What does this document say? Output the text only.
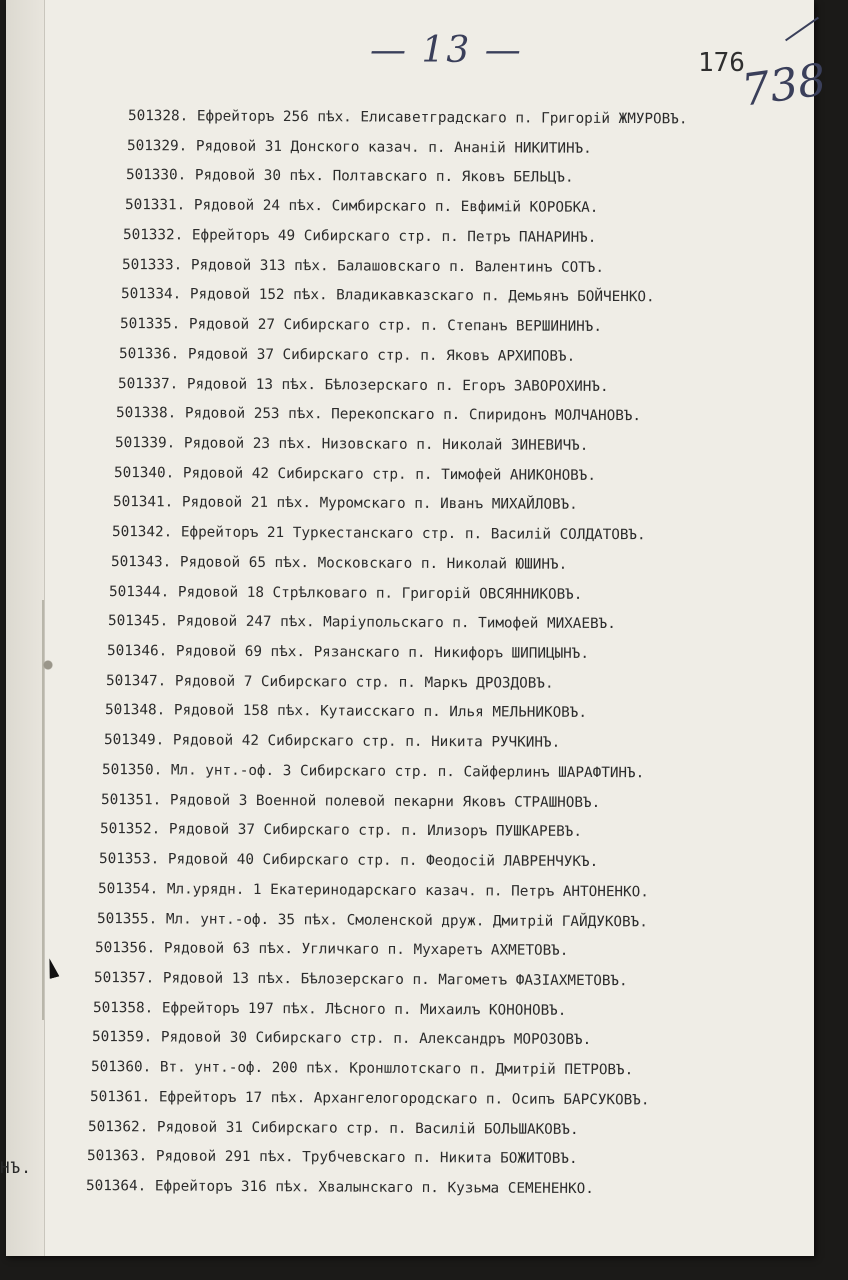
НЪ.
— 13 —	176
738
501328. Ефрейторъ 256 пѣх. Елисаветградскаго п. Григорій ЖМУРОВЪ.
501329. Рядовой 31 Донского казач. п. Ананій НИКИТИНЪ.
501330. Рядовой 30 пѣх. Полтавскаго п. Яковъ БЕЛЬЦЪ.
501331. Рядовой 24 пѣх. Симбирскаго п. Евфимій КОРОБКА.
501332. Ефрейторъ 49 Сибирскаго стр. п. Петръ ПАНАРИНЪ.
501333. Рядовой 313 пѣх. Балашовскаго п. Валентинъ СОТЪ.
501334. Рядовой 152 пѣх. Владикавказскаго п. Демьянъ БОЙЧЕНКО.
501335. Рядовой 27 Сибирскаго стр. п. Степанъ ВЕРШИНИНЪ.
501336. Рядовой 37 Сибирскаго стр. п. Яковъ АРХИПОВЪ.
501337. Рядовой 13 пѣх. Бѣлозерскаго п. Егоръ ЗАВОРОХИНЪ.
501338. Рядовой 253 пѣх. Перекопскаго п. Спиридонъ МОЛЧАНОВЪ.
501339. Рядовой 23 пѣх. Низовскаго п. Николай ЗИНЕВИЧЪ.
501340. Рядовой 42 Сибирскаго стр. п. Тимофей АНИКОНОВЪ.
501341. Рядовой 21 пѣх. Муромскаго п. Иванъ МИХАЙЛОВЪ.
501342. Ефрейторъ 21 Туркестанскаго стр. п. Василій СОЛДАТОВЪ.
501343. Рядовой 65 пѣх. Московскаго п. Николай ЮШИНЪ.
501344. Рядовой 18 Стрѣлковаго п. Григорій ОВСЯННИКОВЪ.
501345. Рядовой 247 пѣх. Маріупольскаго п. Тимофей МИХАЕВЪ.
501346. Рядовой 69 пѣх. Рязанскаго п. Никифоръ ШИПИЦЫНЪ.
501347. Рядовой 7 Сибирскаго стр. п. Маркъ ДРОЗДОВЪ.
501348. Рядовой 158 пѣх. Кутаисскаго п. Илья МЕЛЬНИКОВЪ.
501349. Рядовой 42 Сибирскаго стр. п. Никита РУЧКИНЪ.
501350. Мл. унт.-оф. 3 Сибирскаго стр. п. Сайферлинъ ШАРАФТИНЪ.
501351. Рядовой 3 Военной полевой пекарни Яковъ СТРАШНОВЪ.
501352. Рядовой 37 Сибирскаго стр. п. Илизоръ ПУШКАРЕВЪ.
501353. Рядовой 40 Сибирскаго стр. п. Феодосій ЛАВРЕНЧУКЪ.
501354. Мл.урядн. 1 Екатеринодарскаго казач. п. Петръ АНТОНЕНКО.
501355. Мл. унт.-оф. 35 пѣх. Смоленской друж. Дмитрій ГАЙДУКОВЪ.
501356. Рядовой 63 пѣх. Угличкаго п. Мухаретъ АХМЕТОВЪ.
501357. Рядовой 13 пѣх. Бѣлозерскаго п. Магометъ ФАЗІАХМЕТОВЪ.
501358. Ефрейторъ 197 пѣх. Лѣсного п. Михаилъ КОНОНОВЪ.
501359. Рядовой 30 Сибирскаго стр. п. Александръ МОРОЗОВЪ.
501360. Вт. унт.-оф. 200 пѣх. Кроншлотскаго п. Дмитрій ПЕТРОВЪ.
501361. Ефрейторъ 17 пѣх. Архангелогородскаго п. Осипъ БАРСУКОВЪ.
501362. Рядовой 31 Сибирскаго стр. п. Василій БОЛЬШАКОВЪ.
501363. Рядовой 291 пѣх. Трубчевскаго п. Никита БОЖИТОВЪ.
501364. Ефрейторъ 316 пѣх. Хвалынскаго п. Кузьма СЕМЕНЕНКО.
